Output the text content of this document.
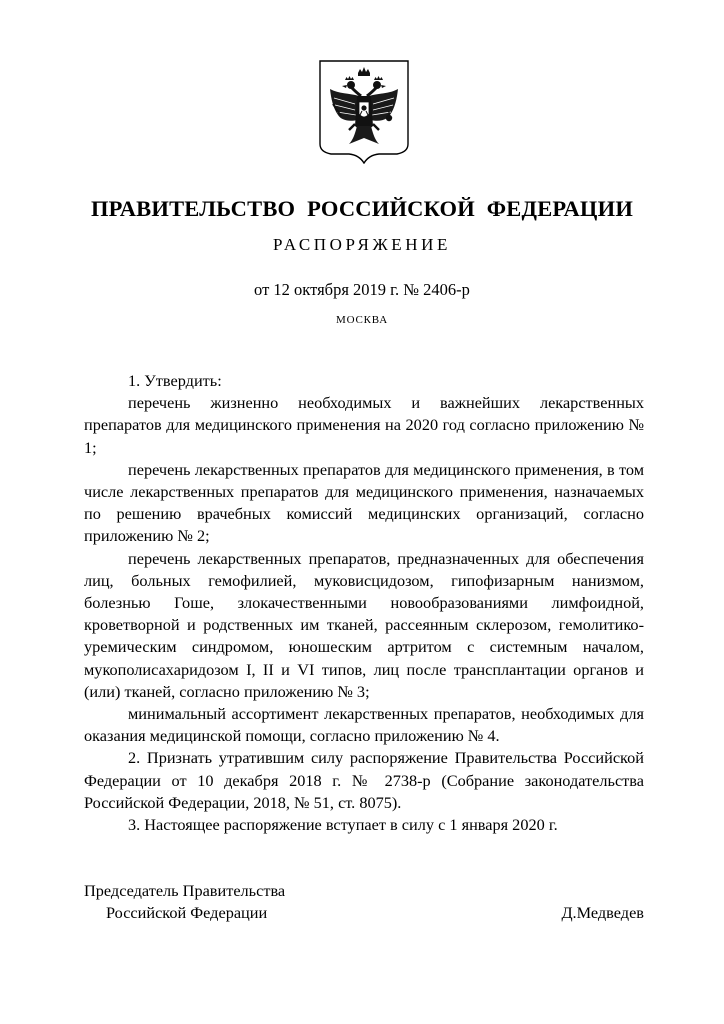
ПРАВИТЕЛЬСТВО РОССИЙСКОЙ ФЕДЕРАЦИИ
РАСПОРЯЖЕНИЕ
от 12 октября 2019 г. № 2406-р
МОСКВА

1. Утвердить:

перечень жизненно необходимых и важнейших лекарственных препаратов для медицинского применения на 2020 год согласно приложению № 1;

перечень лекарственных препаратов для медицинского применения, в том числе лекарственных препаратов для медицинского применения, назначаемых по решению врачебных комиссий медицинских организаций, согласно приложению № 2;

перечень лекарственных препаратов, предназначенных для обеспечения лиц, больных гемофилией, муковисцидозом, гипофизарным нанизмом, болезнью Гоше, злокачественными новообразованиями лимфоидной, кроветворной и родственных им тканей, рассеянным склерозом, гемолитико-уремическим синдромом, юношеским артритом с системным началом, мукополисахаридозом I, II и VI типов, лиц после трансплантации органов и (или) тканей, согласно приложению № 3;

минимальный ассортимент лекарственных препаратов, необходимых для оказания медицинской помощи, согласно приложению № 4.

2. Признать утратившим силу распоряжение Правительства Российской Федерации от 10 декабря 2018 г. № 2738-р (Собрание законодательства Российской Федерации, 2018, № 51, ст. 8075).

3. Настоящее распоряжение вступает в силу с 1 января 2020 г.

Председатель Правительства
Российской Федерации	Д.Медведев
